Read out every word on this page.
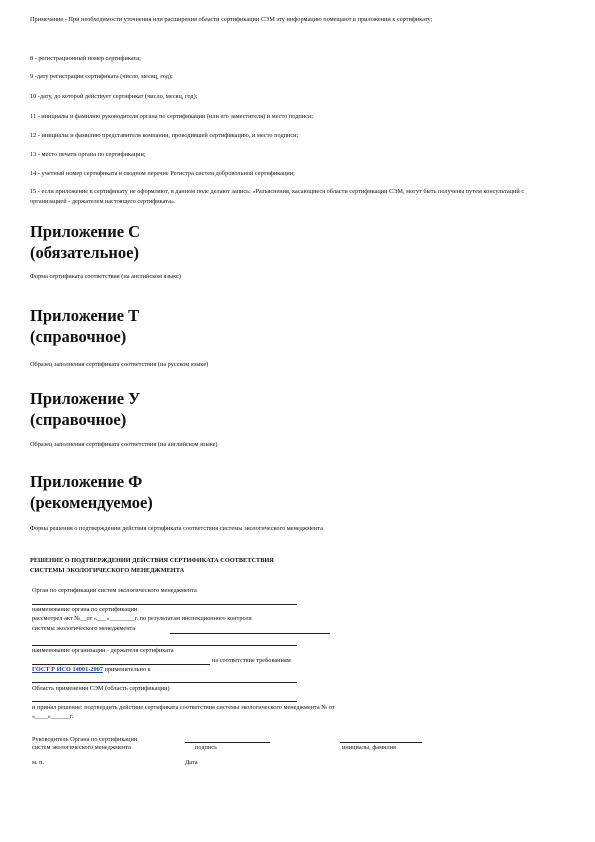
Примечание - При необходимости уточнения или расширения области сертификации СЭМ эту информацию помещают в приложении к сертификату;
8 - регистрационный номер сертификата;
9 -дату регистрации сертификата (число, месяц, год);
10 -дату, до которой действует сертификат (число, месяц, год);
11 - инициалы и фамилию руководителя органа по сертификации (или его заместителя) и место подписи;
12 - инициалы и фамилию представителя компании, проводившей сертификацию, и место подписи;
13 - место печати органа по сертификации;
14 - учетный номер сертификата в сводном перечне Регистра систем добровольной сертификации;
15 - если приложение к сертификату не оформляют, в данном поле делают запись: «Разъяснения, касающиеся области сертификации СЭМ, могут быть получены путем консультаций с организацией - держателем настоящего сертификата».
Приложение С
(обязательное)
Форма сертификата соответствия (на английском языке)
Приложение Т
(справочное)
Образец заполнения сертификата соответствия (на русском языке)
Приложение У
(справочное)
Образец заполнения сертификата соответствия (на английском языке)
Приложение Ф
(рекомендуемое)
Форма решения о подтверждении действия сертификата соответствия системы экологического менеджмента
РЕШЕНИЕ О ПОДТВЕРЖДЕНИИ ДЕЙСТВИЯ СЕРТИФИКАТА СООТВЕТСТВИЯ
СИСТЕМЫ ЭКОЛОГИЧЕСКОГО МЕНЕДЖМЕНТА
Орган по сертификации систем экологического менеджмента
наименование органа по сертификации
рассмотрел акт №__от «___»________г. по результатам инспекционного контроля
системы экологического менеджмента
наименование организации - держателя сертификата
на соответствие требованиям
ГОСТ Р ИСО 14001-2007 применительно к
Область применения СЭМ (область сертификации)
и принял решение: подтвердить действие сертификата соответствия системы экологического менеджмента № от
«____»______г.
Руководитель Органа по сертификации
систем экологического менеджмента	подпись	инициалы, фамилия
м. п.	Дата
